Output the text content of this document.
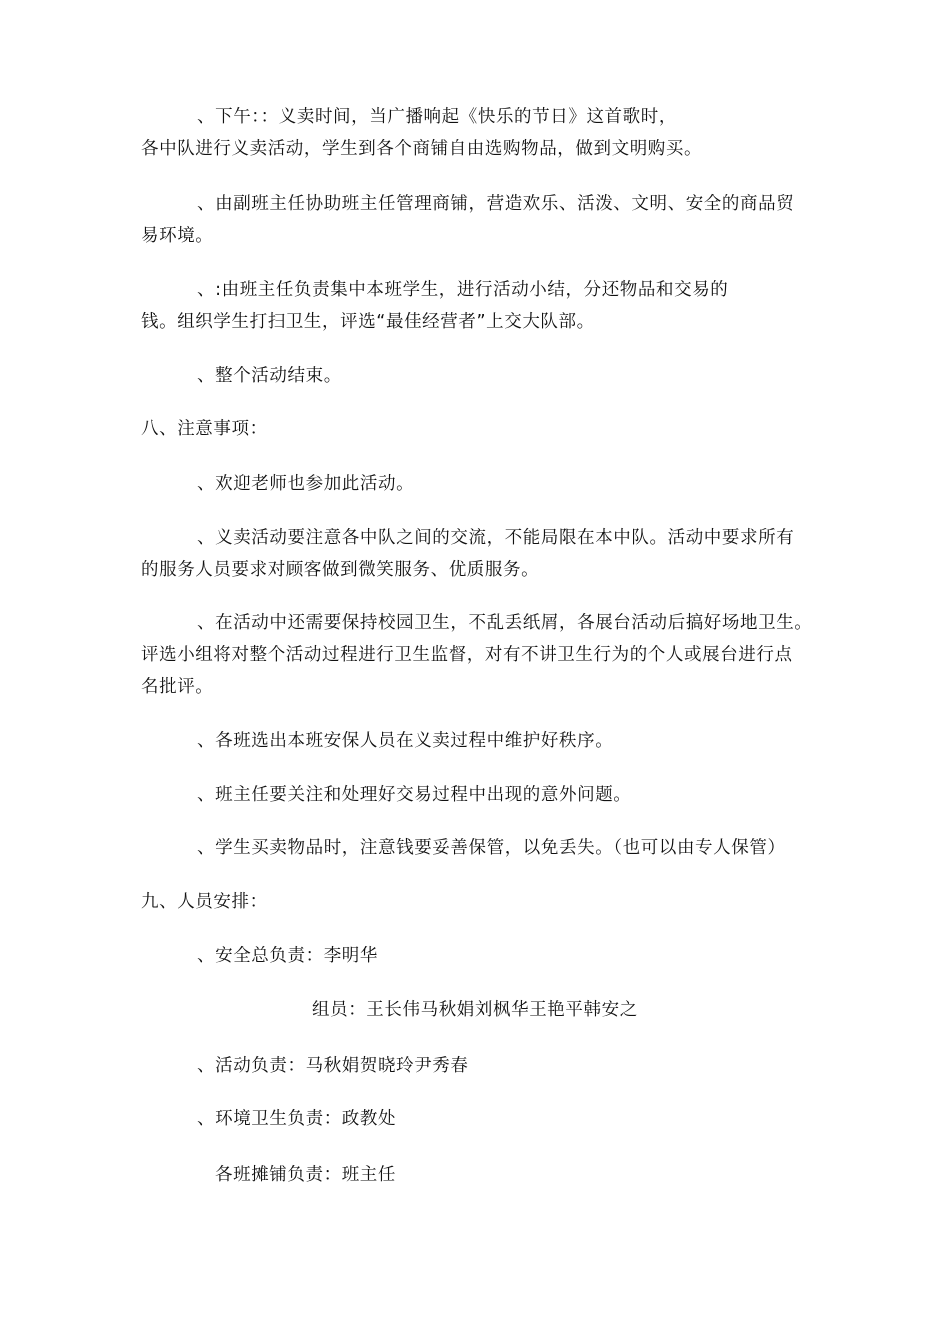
、下午：：义卖时间，当广播响起《快乐的节日》这首歌时，
各中队进行义卖活动，学生到各个商铺自由选购物品，做到文明购买。
、由副班主任协助班主任管理商铺，营造欢乐、活泼、文明、安全的商品贸
易环境。
、:由班主任负责集中本班学生，进行活动小结，分还物品和交易的
钱。组织学生打扫卫生，评选“最佳经营者”上交大队部。
、整个活动结束。
八、注意事项：
、欢迎老师也参加此活动。
、义卖活动要注意各中队之间的交流，不能局限在本中队。活动中要求所有
的服务人员要求对顾客做到微笑服务、优质服务。
、在活动中还需要保持校园卫生，不乱丢纸屑，各展台活动后搞好场地卫生。
评选小组将对整个活动过程进行卫生监督，对有不讲卫生行为的个人或展台进行点
名批评。
、各班选出本班安保人员在义卖过程中维护好秩序。
、班主任要关注和处理好交易过程中出现的意外问题。
、学生买卖物品时，注意钱要妥善保管，以免丢失。（也可以由专人保管）
九、人员安排：
、安全总负责：李明华
组员：王长伟马秋娟刘枫华王艳平韩安之
、活动负责：马秋娟贺晓玲尹秀春
、环境卫生负责：政教处
各班摊铺负责：班主任
